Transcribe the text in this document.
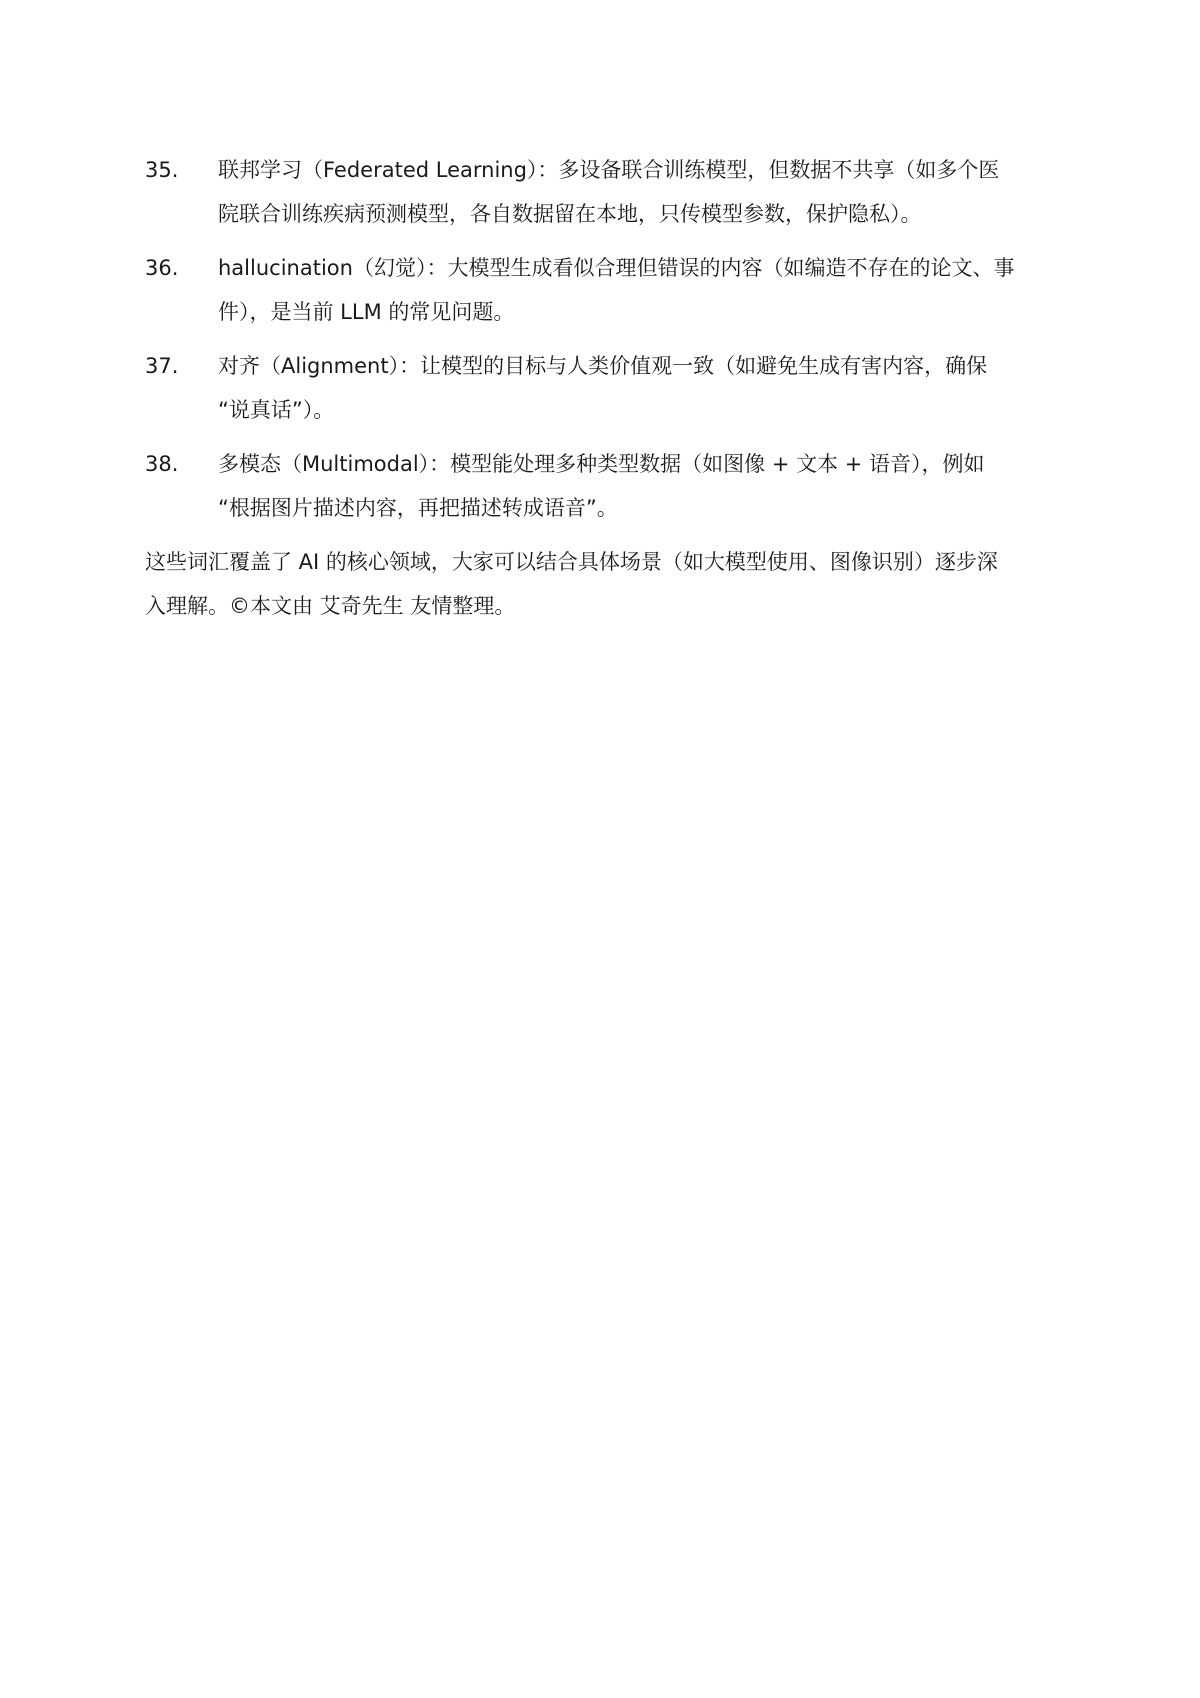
35.	联邦学习（Federated Learning）：多设备联合训练模型，但数据不共享（如多个医
院联合训练疾病预测模型，各自数据留在本地，只传模型参数，保护隐私）。
36.	hallucination（幻觉）：大模型生成看似合理但错误的内容（如编造不存在的论文、事
件），是当前 LLM 的常见问题。
37.	对齐（Alignment）：让模型的目标与人类价值观一致（如避免生成有害内容，确保
“说真话”）。
38.	多模态（Multimodal）：模型能处理多种类型数据（如图像 + 文本 + 语音），例如
“根据图片描述内容，再把描述转成语音”。
这些词汇覆盖了 AI 的核心领域，大家可以结合具体场景（如大模型使用、图像识别）逐步深
入理解。©本文由 艾奇先生 友情整理。
